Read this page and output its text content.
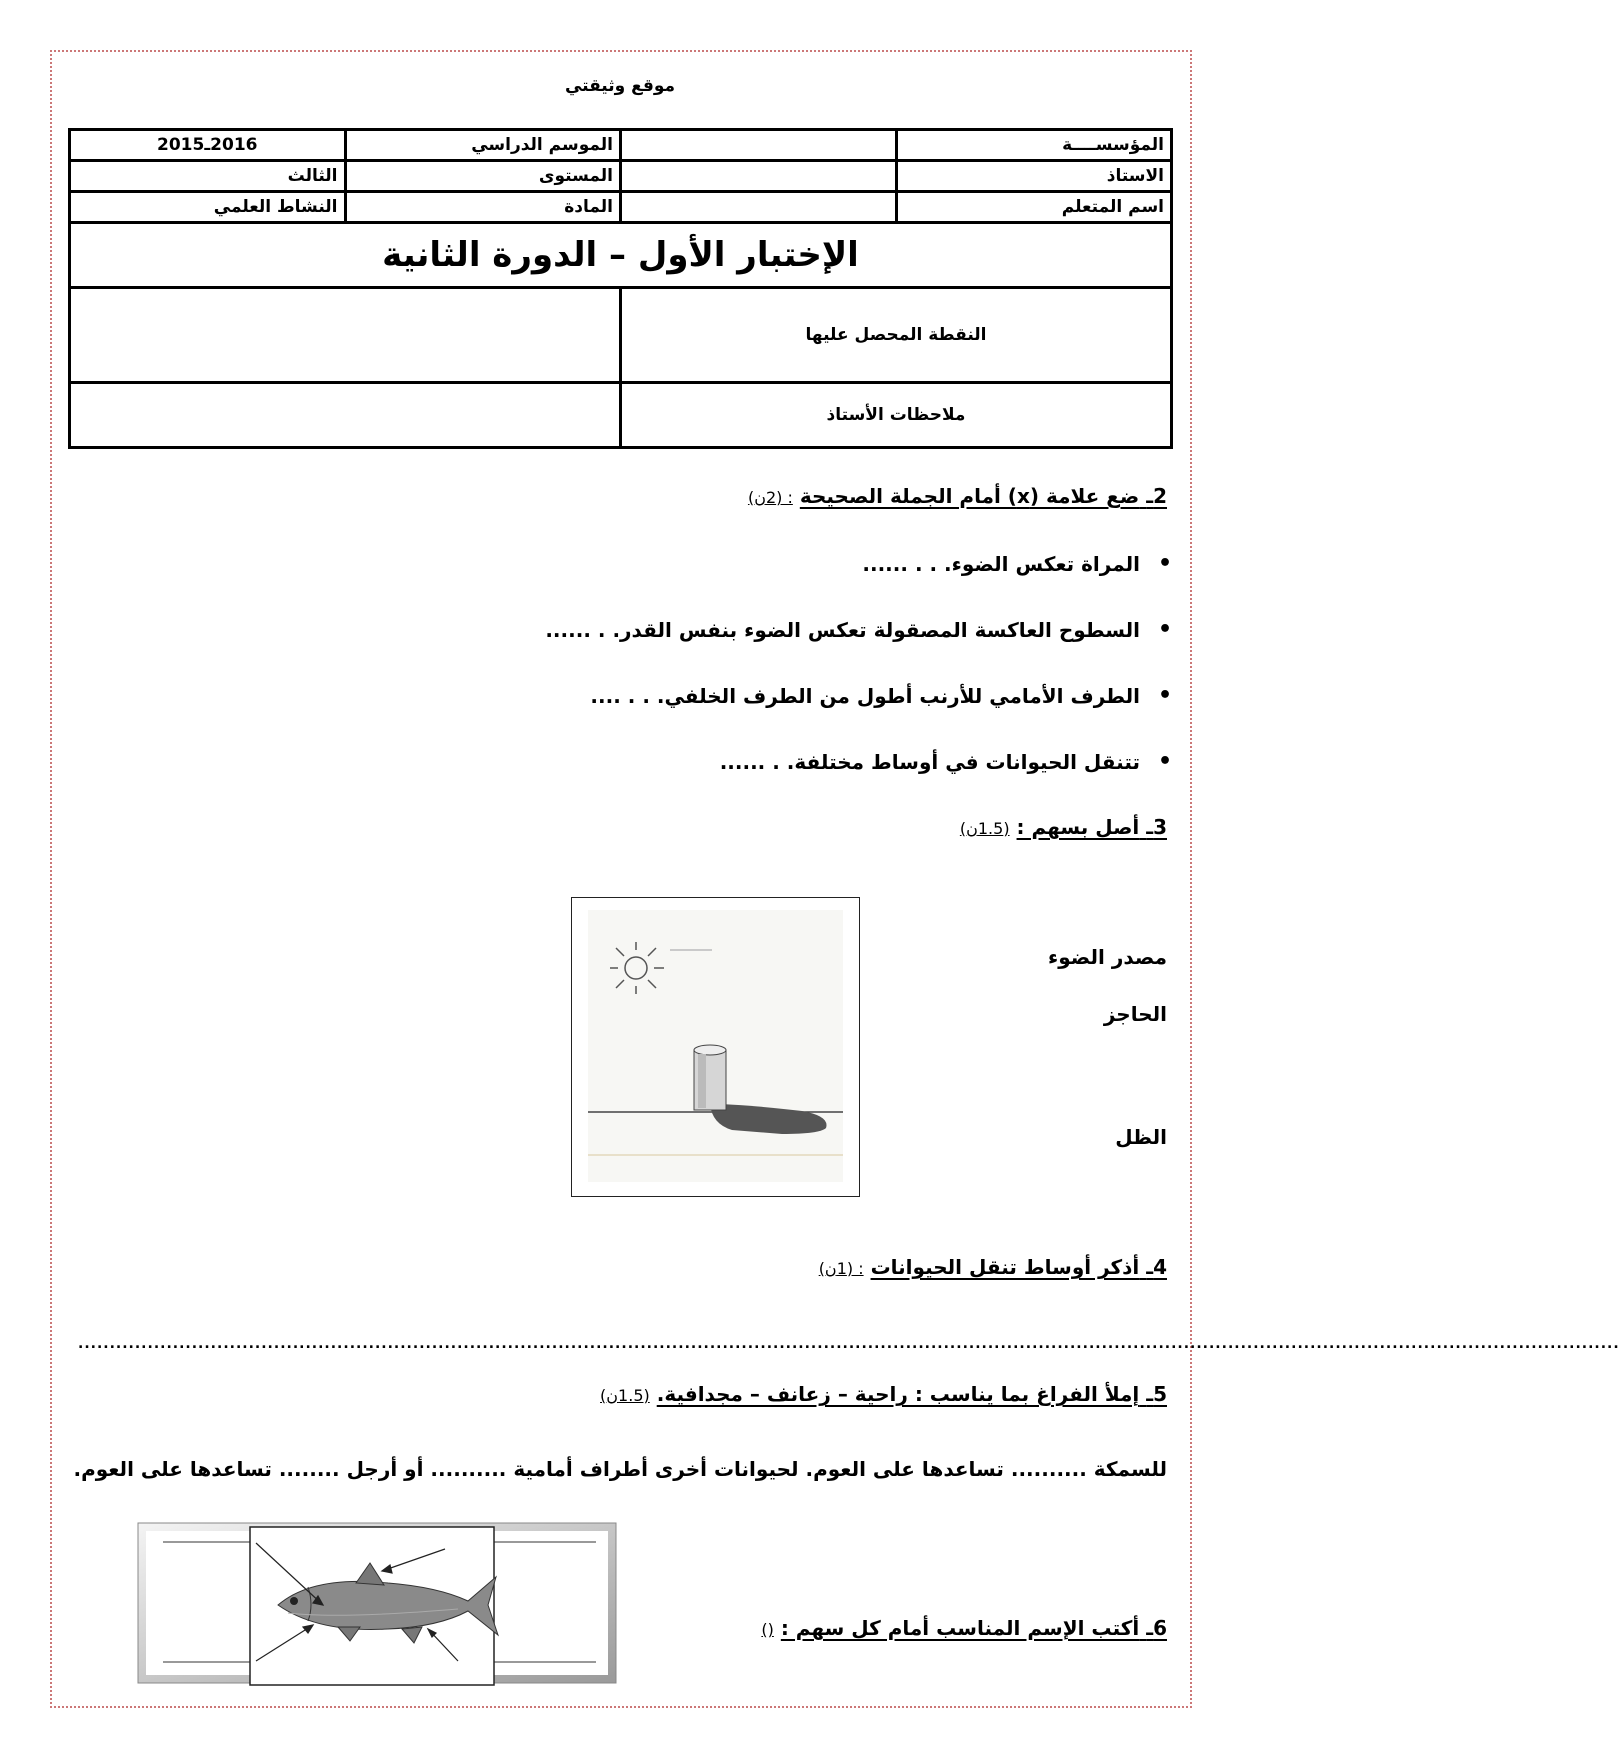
موقع وثيقتي
المؤسســــة		الموسم الدراسي	2016ـ2015
الاستاذ		المستوى	الثالث
اسم المتعلم		المادة	النشاط العلمي
الإختبار الأول – الدورة الثانية			
النقطة المحصل عليها			
ملاحظات الأستاذ			
2ـ ضع علامة (x) أمام الجملة الصحيحة : (2ن)
• المراة تعكس الضوء. . . ......
• السطوح العاكسة المصقولة تعكس الضوء بنفس القدر. . ......
• الطرف الأمامي للأرنب أطول من الطرف الخلفي. . . ....
• تتنقل الحيوانات في أوساط مختلفة. . ......
3ـ أصل بسهم : (1.5ن)
مصدر الضوء
الحاجز
الظل
4ـ أذكر أوساط تنقل الحيوانات : (1ن)
....................................................................................................................................................................................................................................................
5ـ إملأ الفراغ بما يناسب : راحية – زعانف – مجدافية. (1.5ن)
للسمكة .......... تساعدها على العوم. لحيوانات أخرى أطراف أمامية .......... أو أرجل ........ تساعدها على العوم.
6ـ أكتب الإسم المناسب أمام كل سهم : ()
